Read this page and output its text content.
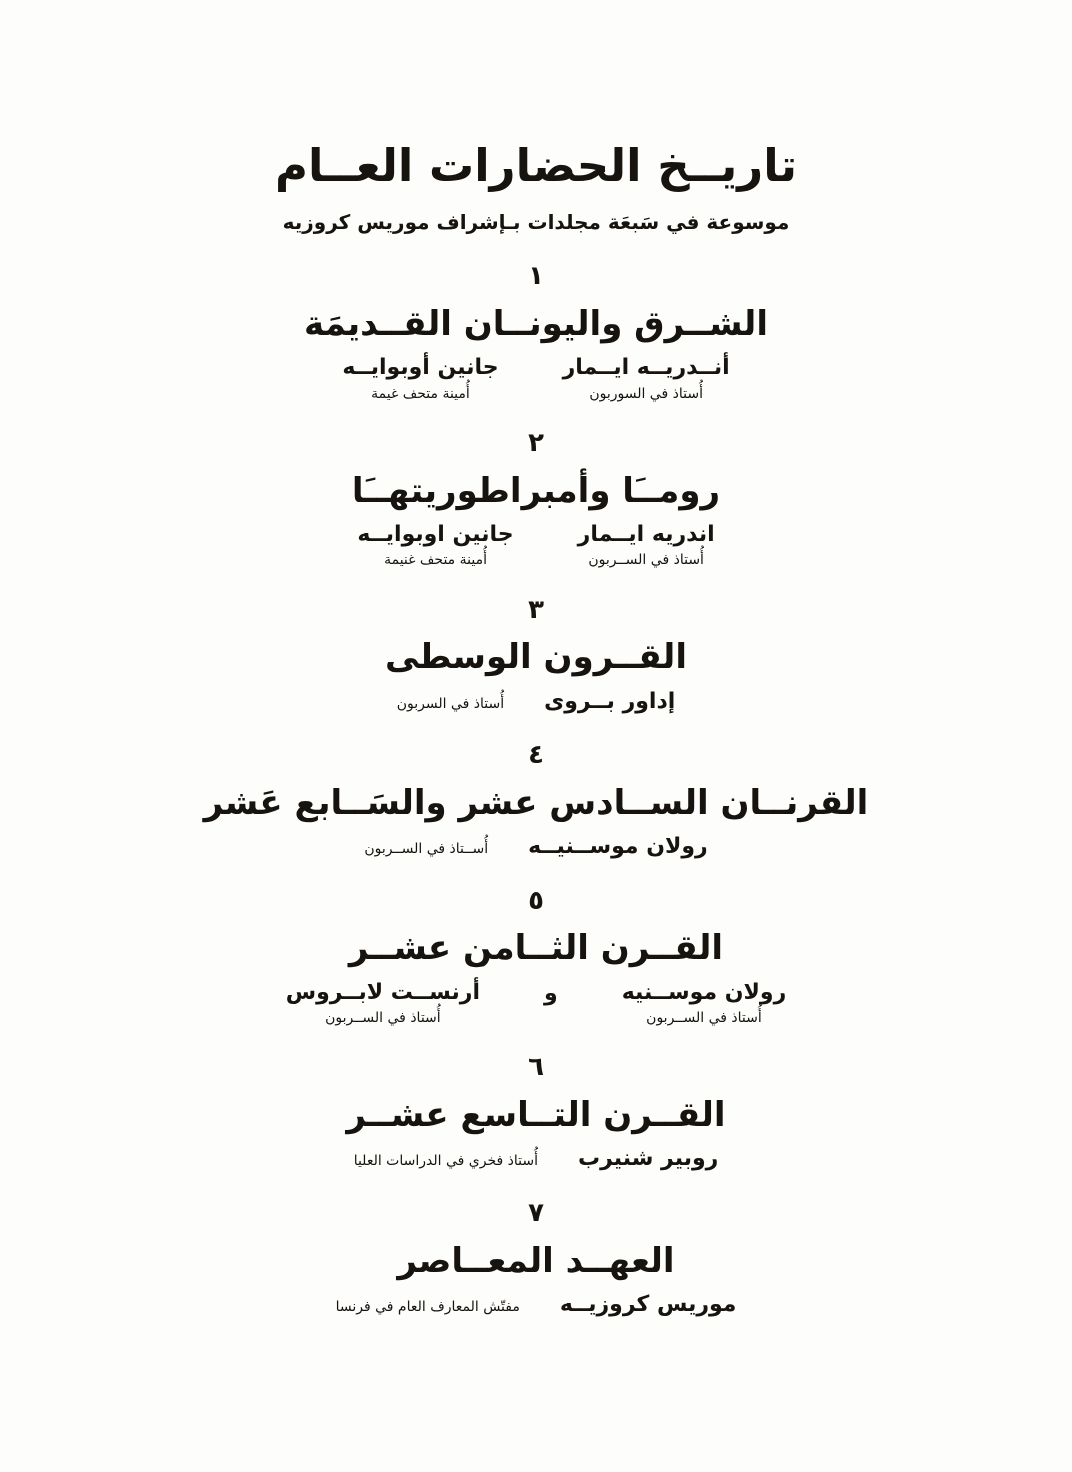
تاريــخ الحضارات العــام
موسوعة في سَبعَة مجلدات بـإشراف موريس كروزيه
١
الشــرق واليونــان القــديمَة
أنــدريــه ايــمار
أُستاذ في السوربون
جانين أوبوايــه
أُمينة متحف غيمة
٢
رومــَا وأمبراطوريتهــَا
اندريه ايــمار
أُستاذ في الســربون
جانين اوبوايــه
أُمينة متحف غنيمة
٣
القــرون الوسطى
إداور بــروى
أُستاذ في السربون
٤
القرنــان الســادس عشر والسَــابع عَشر
رولان موســنيــه
أُســتاذ في الســربون
٥
القــرن الثــامن عشــر
رولان موســنيه
أُستاذ في الســربون
و
أرنســت لابــروس
أُستاذ في الســربون
٦
القــرن التــاسع عشــر
روبير شنيرب
أُستاذ فخري في الدراسات العليا
٧
العهــد المعــاصر
موريس كروزيــه
مفتّش المعارف العام في فرنسا
